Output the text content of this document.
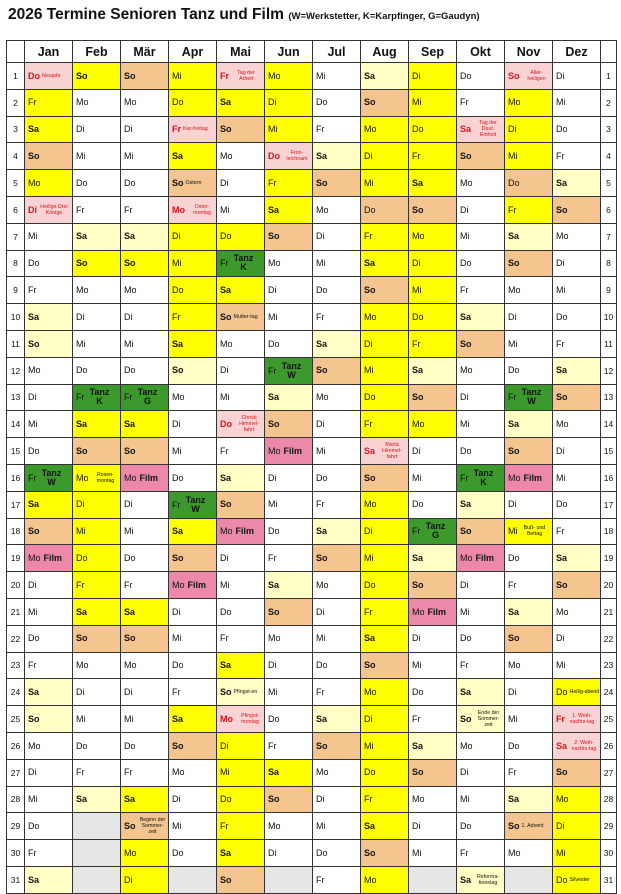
2026 Termine Senioren Tanz und Film (W=Werkstetter, K=Karpfinger, G=Gaudyn)
	Jan	Feb	Mär	Apr	Mai	Jun	Jul	Aug	Sep	Okt	Nov	Dez	
1	Do Neujahr	So	So	Mi	Fr Tag der Arbeit	Mo	Mi	Sa	Di	Do	So Aller-heiligen	Di	1
2	Fr	Mo	Mo	Do	Sa	Di	Do	So	Mi	Fr	Mo	Mi	2
3	Sa	Di	Di	Fr Kar-freitag	So	Mi	Fr	Mo	Do	SaTag der Deut. Einheit	Di	Do	3
4	So	Mi	Mi	Sa	Mo	Do Fron-leichnam	Sa	Di	Fr	So	Mi	Fr	4
5	Mo	Do	Do	So Ostern	Di	Fr	So	Mi	Sa	Mo	Do	Sa	5
6	Di Heilige Drei Könige	Fr	Fr	Mo Oster-montag	Mi	Sa	Mo	Do	So	Di	Fr	So	6
7	Mi	Sa	Sa	Di	Do	So	Di	Fr	Mo	Mi	Sa	Mo	7
8	Do	So	So	Mi	Fr Tanz K	Mo	Mi	Sa	Di	Do	So	Di	8
9	Fr	Mo	Mo	Do	Sa	Di	Do	So	Mi	Fr	Mo	Mi	9
10	Sa	Di	Di	Fr	So Mutter-tag	Mi	Fr	Mo	Do	Sa	Di	Do	10
11	So	Mi	Mi	Sa	Mo	Do	Sa	Di	Fr	So	Mi	Fr	11
12	Mo	Do	Do	So	Di	Fr Tanz W	So	Mi	Sa	Mo	Do	Sa	12
13	Di	Fr Tanz K	Fr Tanz G	Mo	Mi	Sa	Mo	Do	So	Di	Fr Tanz W	So	13
14	Mi	Sa	Sa	Di	DoChristi Himmel-fahrt	So	Di	Fr	Mo	Mi	Sa	Mo	14
15	Do	So	So	Mi	Fr	Mo Film	Mi	SaMariä Himmel-fahrt	Di	Do	So	Di	15
16	Fr Tanz W	Mo Rosen-montag	Mo Film	Do	Sa	Di	Do	So	Mi	Fr Tanz K	Mo Film	Mi	16
17	Sa	Di	Di	Fr Tanz W	So	Mi	Fr	Mo	Do	Sa	Di	Do	17
18	So	Mi	Mi	Sa	Mo Film	Do	Sa	Di	Fr Tanz G	So	Mi Buß- und Bettag	Fr	18
19	Mo Film	Do	Do	So	Di	Fr	So	Mi	Sa	Mo Film	Do	Sa	19
20	Di	Fr	Fr	Mo Film	Mi	Sa	Mo	Do	So	Di	Fr	So	20
21	Mi	Sa	Sa	Di	Do	So	Di	Fr	Mo Film	Mi	Sa	Mo	21
22	Do	So	So	Mi	Fr	Mo	Mi	Sa	Di	Do	So	Di	22
23	Fr	Mo	Mo	Do	Sa	Di	Do	So	Mi	Fr	Mo	Mi	23
24	Sa	Di	Di	Fr	So Pfingst-en	Mi	Fr	Mo	Do	Sa	Di	Do Heilig-abend	24
25	So	Mi	Mi	Sa	Mo Pfingst-montag	Do	Sa	Di	Fr	SoEnde der Sommer-zeit	Mi	Fr 1. Weih-nachts-tag	25
26	Mo	Do	Do	So	Di	Fr	So	Mi	Sa	Mo	Do	Sa 2. Weih-nachts-tag	26
27	Di	Fr	Fr	Mo	Mi	Sa	Mo	Do	So	Di	Fr	So	27
28	Mi	Sa	Sa	Di	Do	So	Di	Fr	Mo	Mi	Sa	Mo	28
29	Do		SoBeginn der Sommer-zeit	Mi	Fr	Mo	Mi	Sa	Di	Do	So 1. Advent	Di	29
30	Fr		Mo	Do	Sa	Di	Do	So	Mi	Fr	Mo	Mi	30
31	Sa		Di		So		Fr	Mo		Sa Reforma-tionstag		Do Silvester	31
